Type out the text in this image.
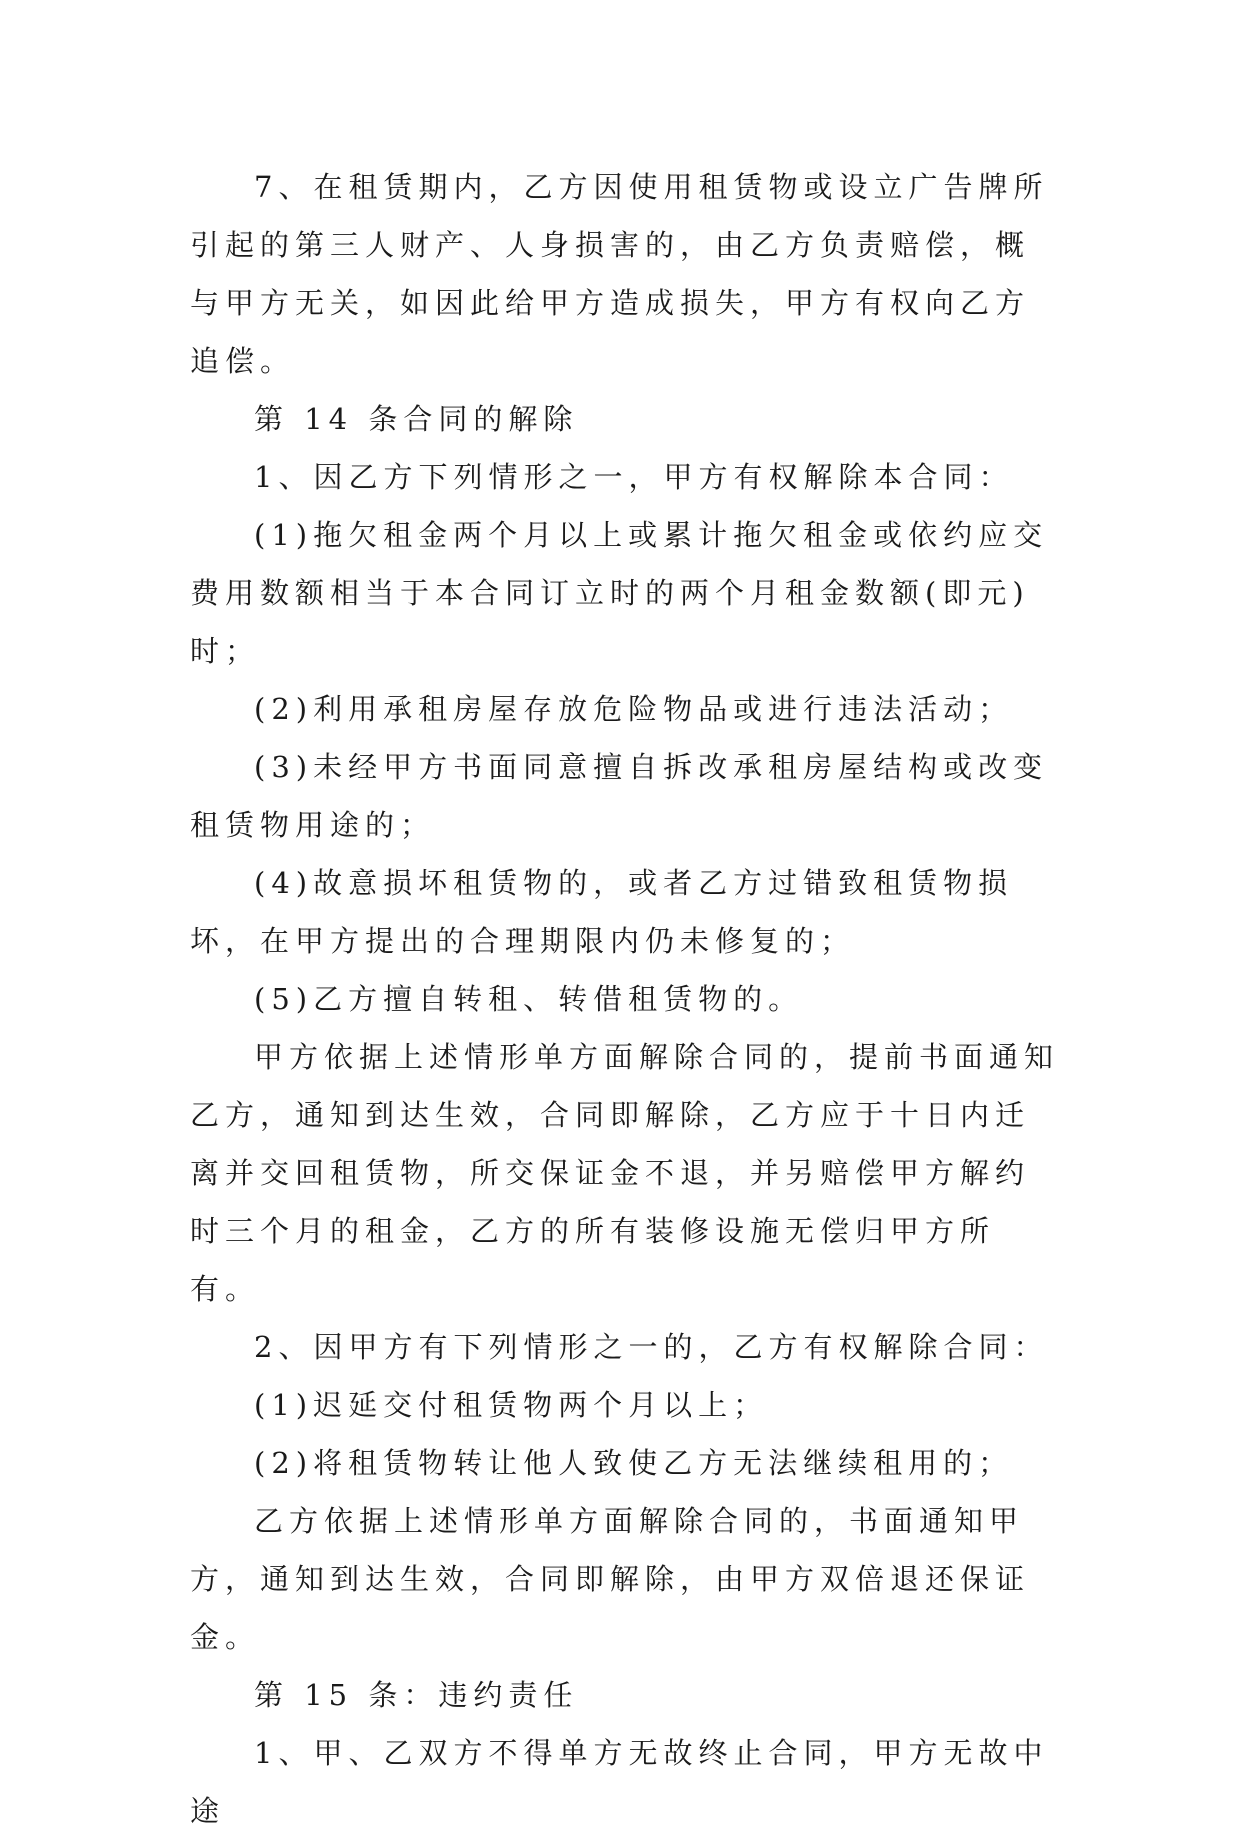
7、在租赁期内，乙方因使用租赁物或设立广告牌所引起的第三人财产、人身损害的，由乙方负责赔偿，概与甲方无关，如因此给甲方造成损失，甲方有权向乙方追偿。

第 14 条合同的解除

1、因乙方下列情形之一，甲方有权解除本合同：

(1)拖欠租金两个月以上或累计拖欠租金或依约应交费用数额相当于本合同订立时的两个月租金数额(即元)时；

(2)利用承租房屋存放危险物品或进行违法活动；

(3)未经甲方书面同意擅自拆改承租房屋结构或改变租赁物用途的；

(4)故意损坏租赁物的，或者乙方过错致租赁物损坏，在甲方提出的合理期限内仍未修复的；

(5)乙方擅自转租、转借租赁物的。

甲方依据上述情形单方面解除合同的，提前书面通知乙方，通知到达生效，合同即解除，乙方应于十日内迁离并交回租赁物，所交保证金不退，并另赔偿甲方解约时三个月的租金，乙方的所有装修设施无偿归甲方所有。

2、因甲方有下列情形之一的，乙方有权解除合同：

(1)迟延交付租赁物两个月以上；

(2)将租赁物转让他人致使乙方无法继续租用的；

乙方依据上述情形单方面解除合同的，书面通知甲方，通知到达生效，合同即解除，由甲方双倍退还保证金。

第 15 条：违约责任

1、甲、乙双方不得单方无故终止合同，甲方无故中途
